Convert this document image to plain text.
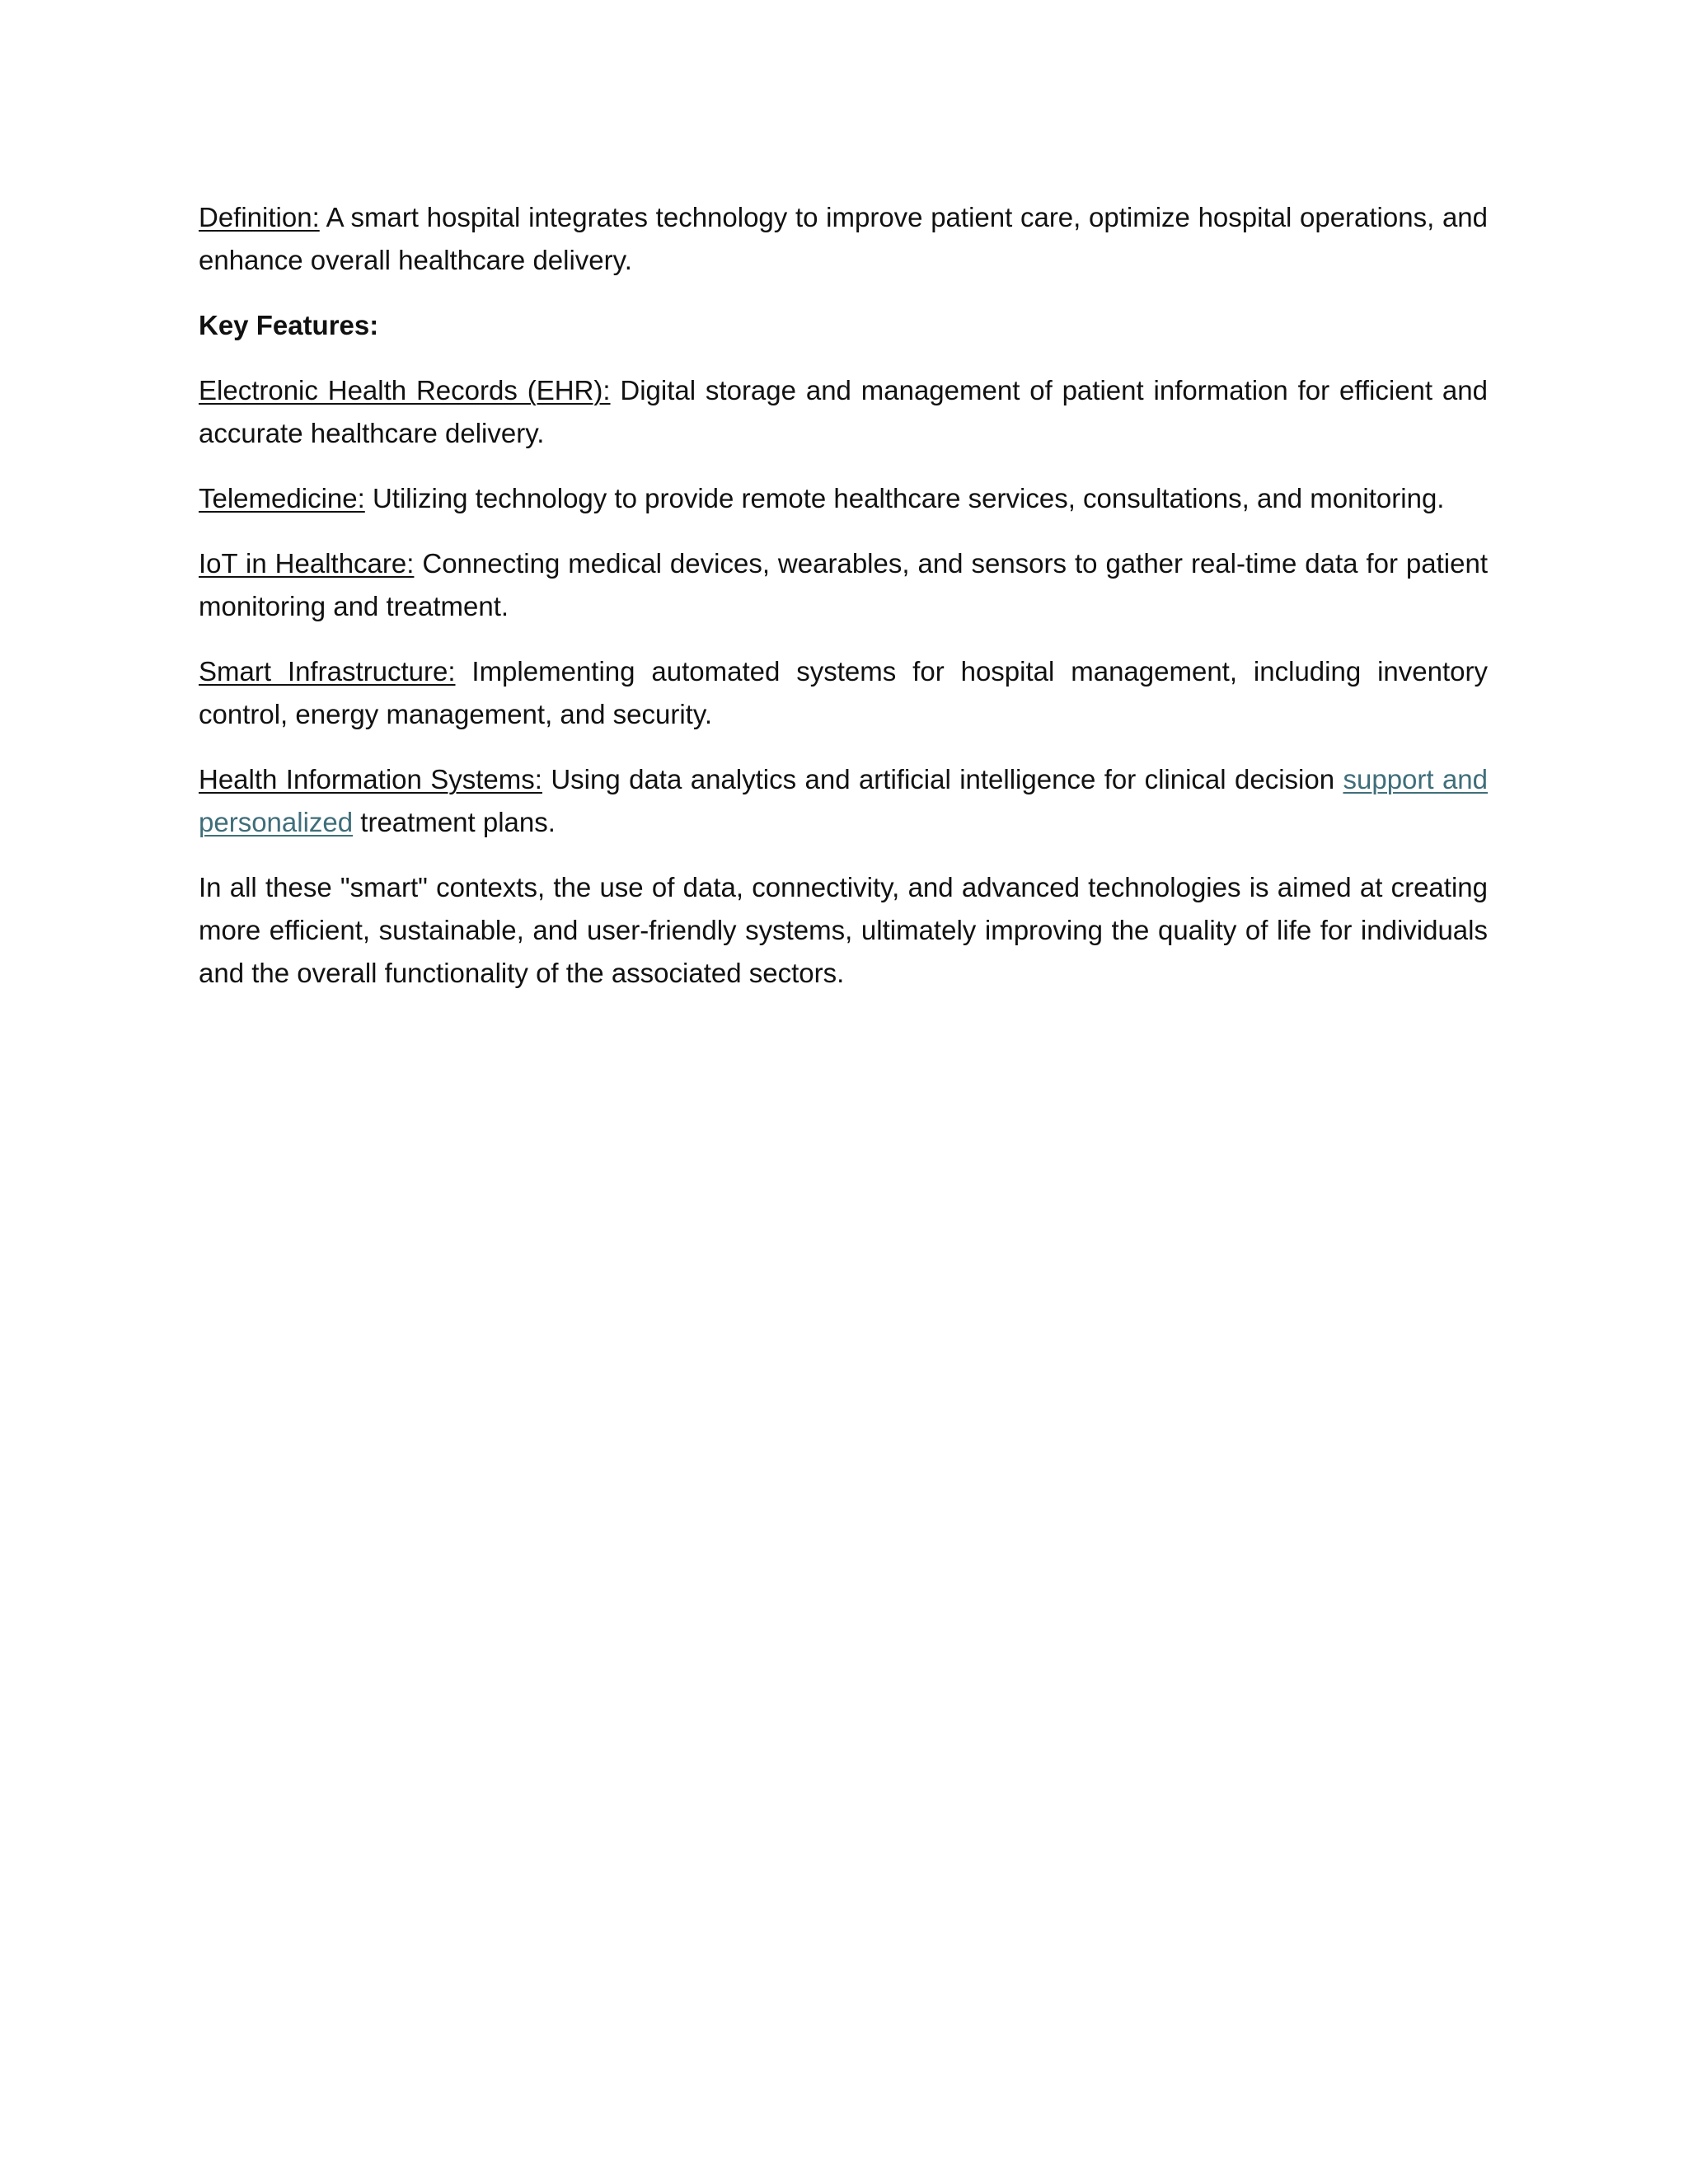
Definition: A smart hospital integrates technology to improve patient care, optimize hospital operations, and enhance overall healthcare delivery.

Key Features:

Electronic Health Records (EHR): Digital storage and management of patient information for efficient and accurate healthcare delivery.

Telemedicine: Utilizing technology to provide remote healthcare services, consultations, and monitoring.

IoT in Healthcare: Connecting medical devices, wearables, and sensors to gather real-time data for patient monitoring and treatment.

Smart Infrastructure: Implementing automated systems for hospital management, including inventory control, energy management, and security.

Health Information Systems: Using data analytics and artificial intelligence for clinical decision support and personalized treatment plans.

In all these "smart" contexts, the use of data, connectivity, and advanced technologies is aimed at creating more efficient, sustainable, and user-friendly systems, ultimately improving the quality of life for individuals and the overall functionality of the associated sectors.
